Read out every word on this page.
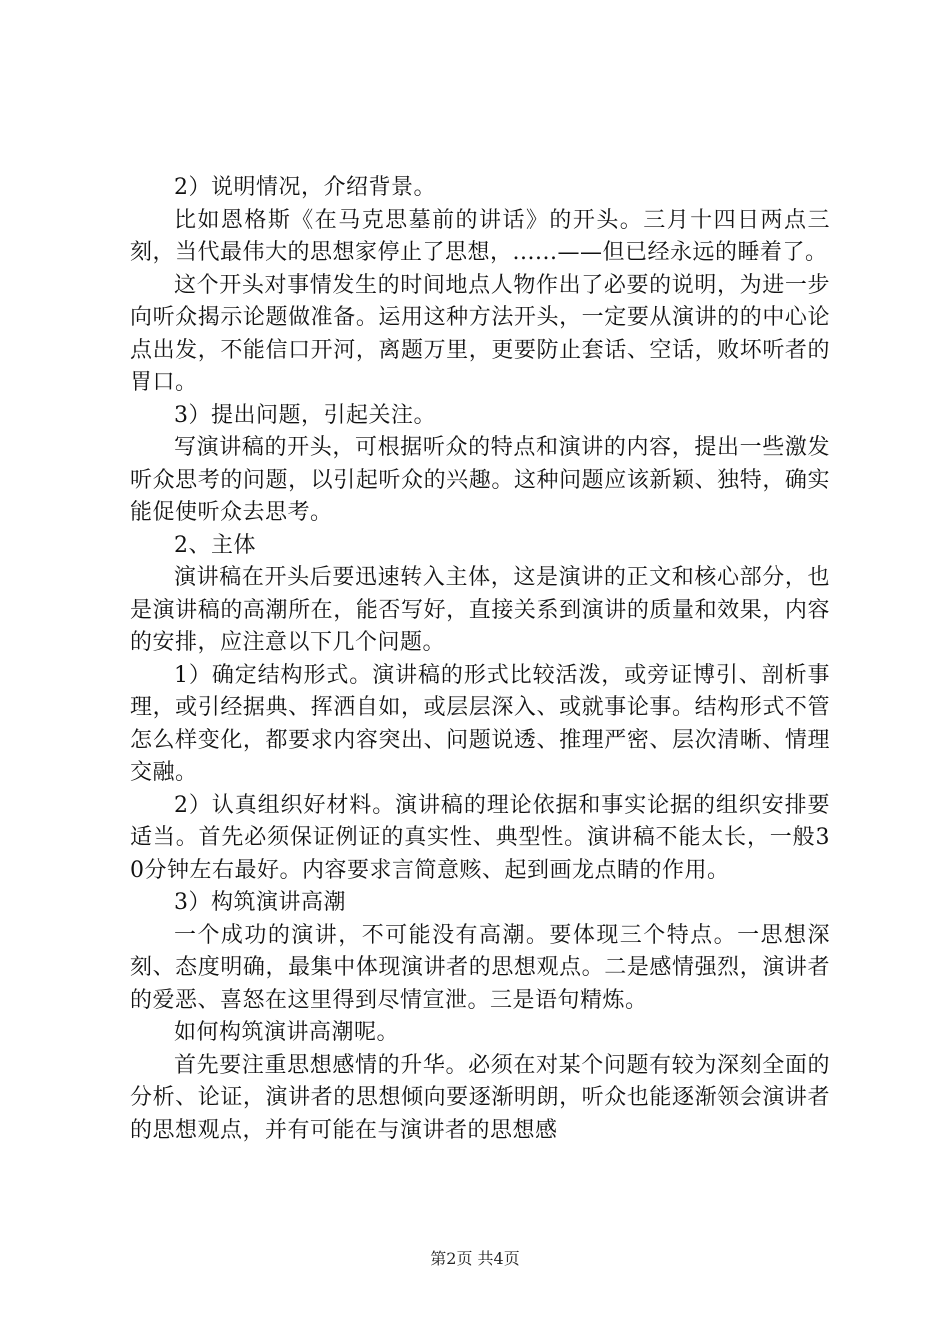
2）说明情况，介绍背景。

比如恩格斯《在马克思墓前的讲话》的开头。三月十四日两点三刻，当代最伟大的思想家停止了思想，......——但已经永远的睡着了。

这个开头对事情发生的时间地点人物作出了必要的说明，为进一步向听众揭示论题做准备。运用这种方法开头，一定要从演讲的的中心论点出发，不能信口开河，离题万里，更要防止套话、空话，败坏听者的胃口。

3）提出问题，引起关注。

写演讲稿的开头，可根据听众的特点和演讲的内容，提出一些激发听众思考的问题，以引起听众的兴趣。这种问题应该新颖、独特，确实能促使听众去思考。

2、主体

演讲稿在开头后要迅速转入主体，这是演讲的正文和核心部分，也是演讲稿的高潮所在，能否写好，直接关系到演讲的质量和效果，内容的安排，应注意以下几个问题。

1）确定结构形式。演讲稿的形式比较活泼，或旁证博引、剖析事理，或引经据典、挥洒自如，或层层深入、或就事论事。结构形式不管怎么样变化，都要求内容突出、问题说透、推理严密、层次清晰、情理交融。

2）认真组织好材料。演讲稿的理论依据和事实论据的组织安排要适当。首先必须保证例证的真实性、典型性。演讲稿不能太长，一般30分钟左右最好。内容要求言简意赅、起到画龙点睛的作用。

3）构筑演讲高潮

一个成功的演讲，不可能没有高潮。要体现三个特点。一思想深刻、态度明确，最集中体现演讲者的思想观点。二是感情强烈，演讲者的爱恶、喜怒在这里得到尽情宣泄。三是语句精炼。

如何构筑演讲高潮呢。

首先要注重思想感情的升华。必须在对某个问题有较为深刻全面的分析、论证，演讲者的思想倾向要逐渐明朗，听众也能逐渐领会演讲者的思想观点，并有可能在与演讲者的思想感

第2页 共4页
